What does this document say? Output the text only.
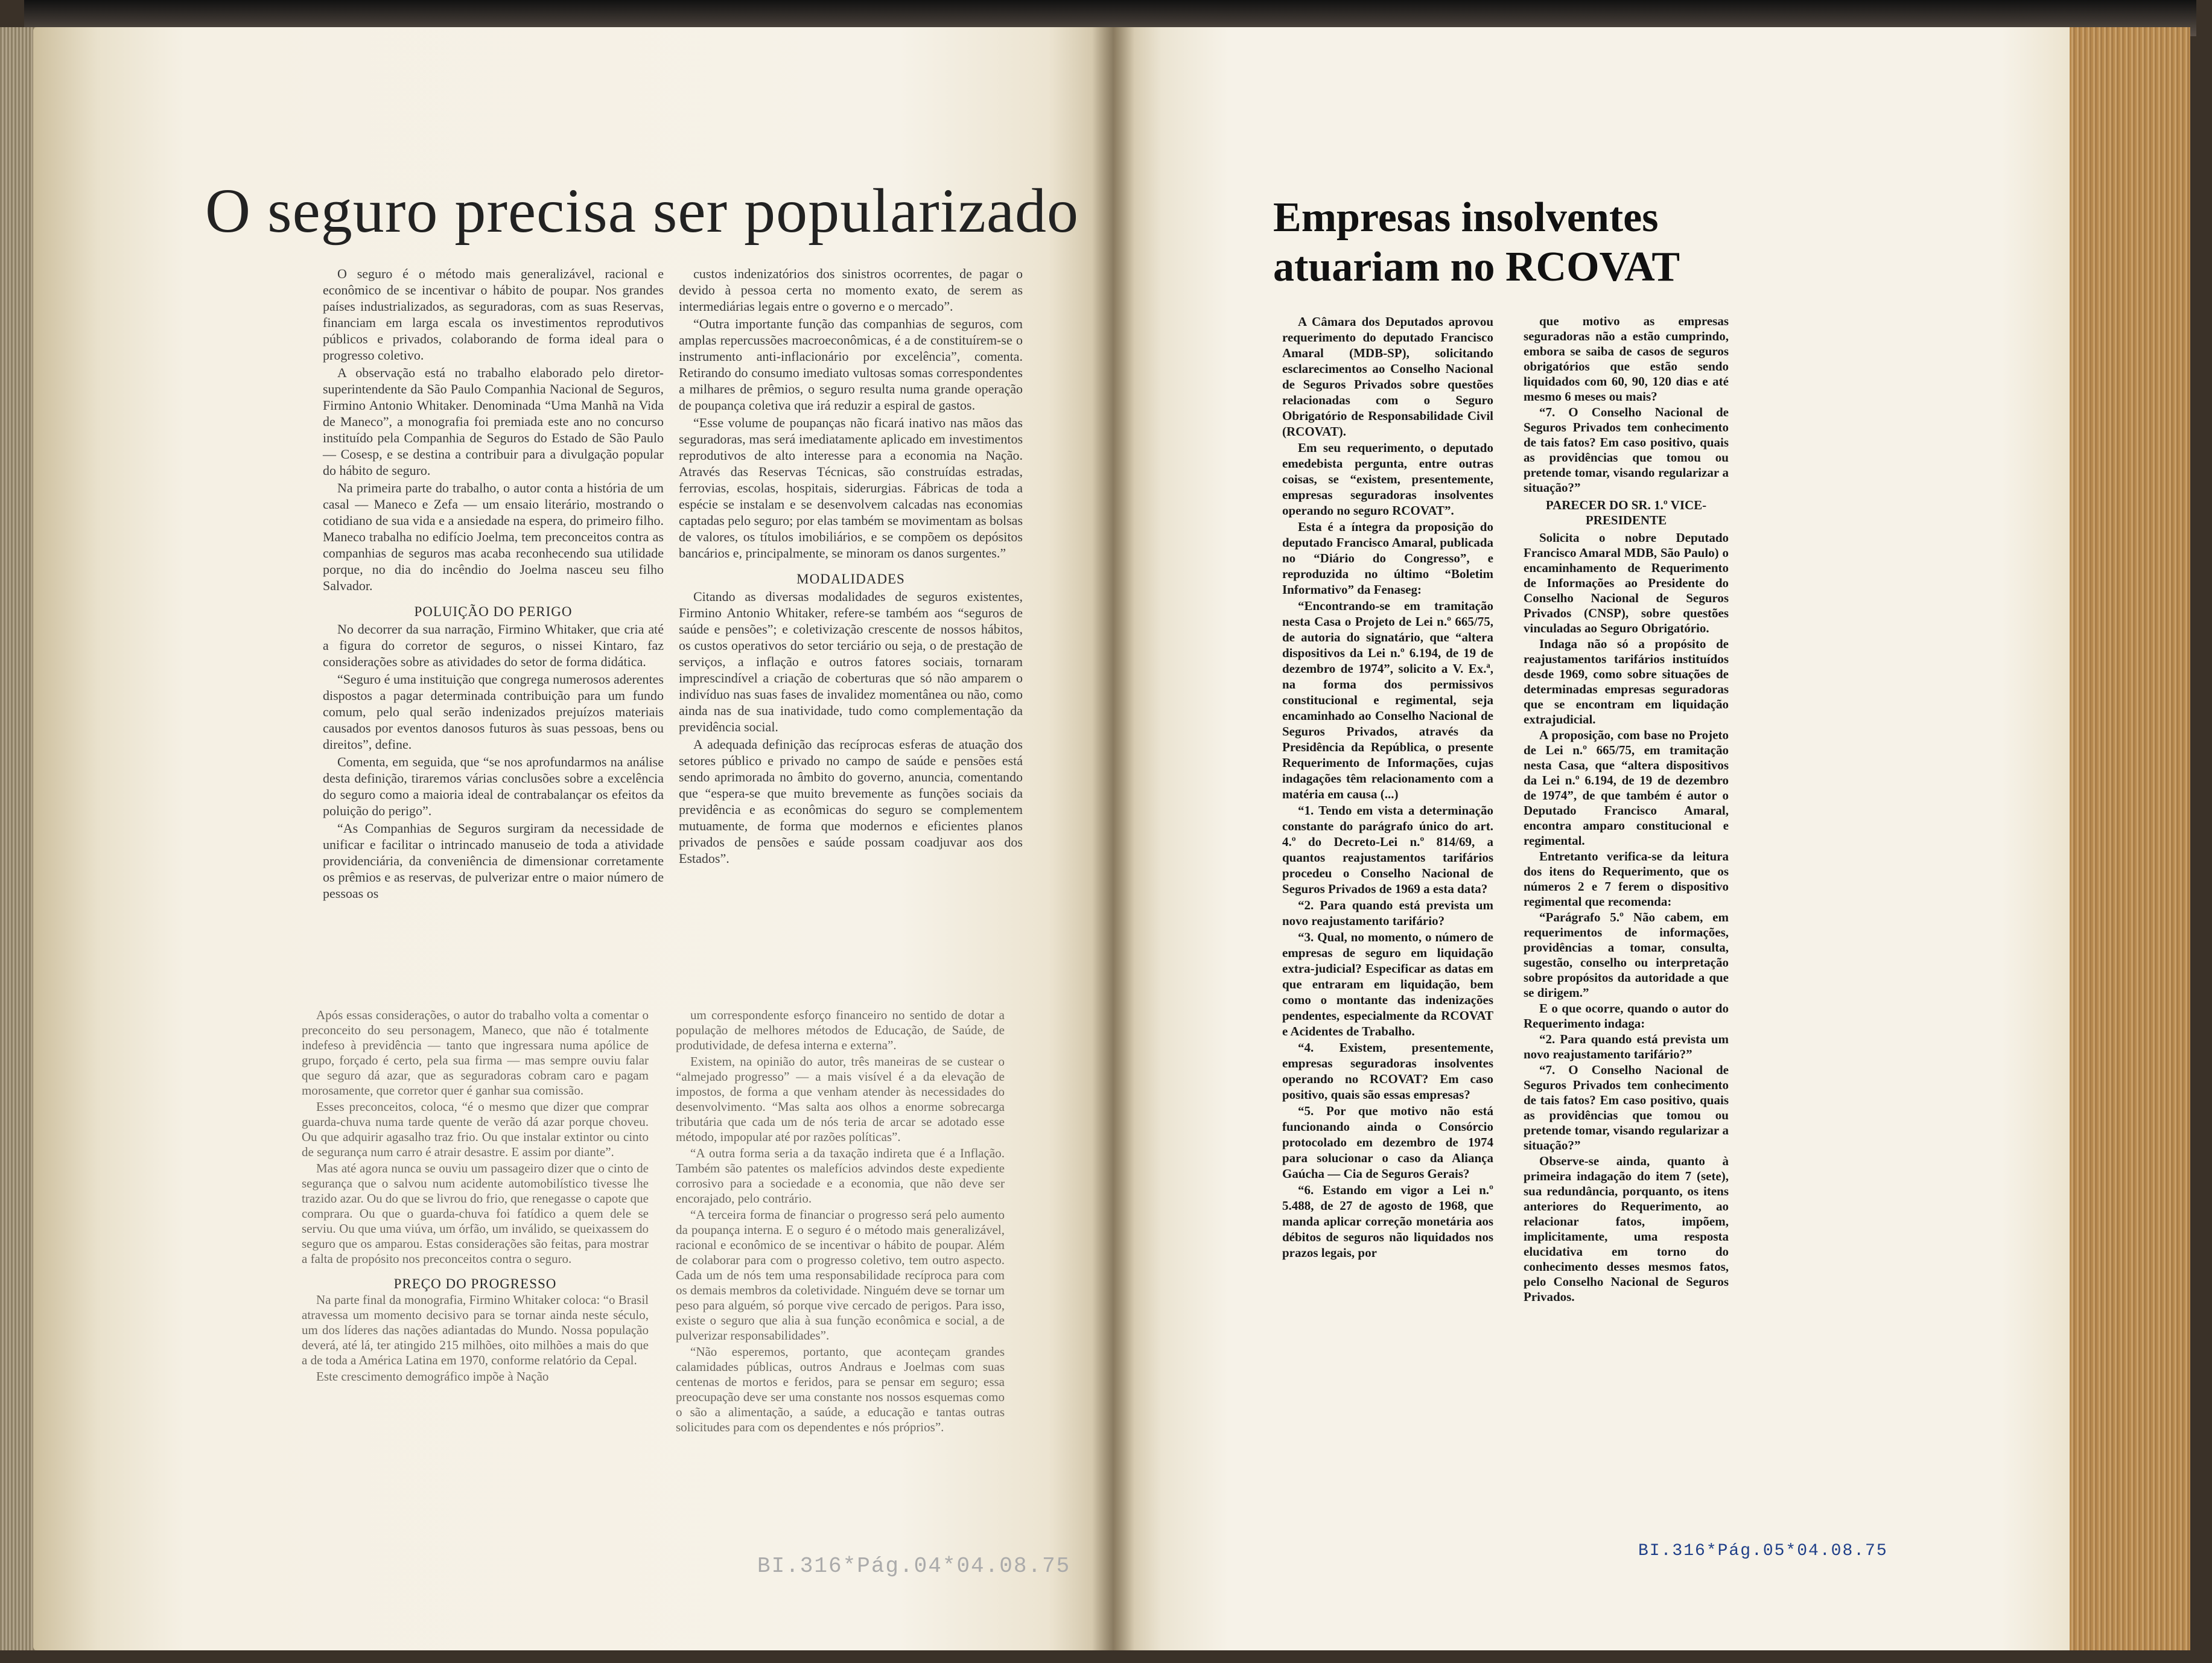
O seguro precisa ser popularizado

O seguro é o método mais generalizável, racional e econômico de se incentivar o hábito de poupar. Nos grandes países industrializados, as seguradoras, com as suas Reservas, financiam em larga escala os investimentos reprodutivos públicos e privados, colaborando de forma ideal para o progresso coletivo.

A observação está no trabalho elaborado pelo diretor-superintendente da São Paulo Companhia Nacional de Seguros, Firmino Antonio Whitaker. Denominada “Uma Manhã na Vida de Maneco”, a monografia foi premiada este ano no concurso instituído pela Companhia de Seguros do Estado de São Paulo — Cosesp, e se destina a contribuir para a divulgação popular do hábito de seguro.

Na primeira parte do trabalho, o autor conta a história de um casal — Maneco e Zefa — um ensaio literário, mostrando o cotidiano de sua vida e a ansiedade na espera, do primeiro filho. Maneco trabalha no edifício Joelma, tem preconceitos contra as companhias de seguros mas acaba reconhecendo sua utilidade porque, no dia do incêndio do Joelma nasceu seu filho Salvador.

POLUIÇÃO DO PERIGO

No decorrer da sua narração, Firmino Whitaker, que cria até a figura do corretor de seguros, o nissei Kintaro, faz considerações sobre as atividades do setor de forma didática.

“Seguro é uma instituição que congrega numerosos aderentes dispostos a pagar determinada contribuição para um fundo comum, pelo qual serão indenizados prejuízos materiais causados por eventos danosos futuros às suas pessoas, bens ou direitos”, define.

Comenta, em seguida, que “se nos aprofundarmos na análise desta definição, tiraremos várias conclusões sobre a excelência do seguro como a maioria ideal de contrabalançar os efeitos da poluição do perigo”.

“As Companhias de Seguros surgiram da necessidade de unificar e facilitar o intrincado manuseio de toda a atividade providenciária, da conveniência de dimensionar corretamente os prêmios e as reservas, de pulverizar entre o maior número de pessoas os

custos indenizatórios dos sinistros ocorrentes, de pagar o devido à pessoa certa no momento exato, de serem as intermediárias legais entre o governo e o mercado”.

“Outra importante função das companhias de seguros, com amplas repercussões macroeconômicas, é a de constituírem-se o instrumento anti-inflacionário por excelência”, comenta. Retirando do consumo imediato vultosas somas correspondentes a milhares de prêmios, o seguro resulta numa grande operação de poupança coletiva que irá reduzir a espiral de gastos.

“Esse volume de poupanças não ficará inativo nas mãos das seguradoras, mas será imediatamente aplicado em investimentos reprodutivos de alto interesse para a economia na Nação. Através das Reservas Técnicas, são construídas estradas, ferrovias, escolas, hospitais, siderurgias. Fábricas de toda a espécie se instalam e se desenvolvem calcadas nas economias captadas pelo seguro; por elas também se movimentam as bolsas de valores, os títulos imobiliários, e se compõem os depósitos bancários e, principalmente, se minoram os danos surgentes.”

MODALIDADES

Citando as diversas modalidades de seguros existentes, Firmino Antonio Whitaker, refere-se também aos “seguros de saúde e pensões”; e coletivização crescente de nossos hábitos, os custos operativos do setor terciário ou seja, o de prestação de serviços, a inflação e outros fatores sociais, tornaram imprescindível a criação de coberturas que só não amparem o indivíduo nas suas fases de invalidez momentânea ou não, como ainda nas de sua inatividade, tudo como complementação da previdência social.

A adequada definição das recíprocas esferas de atuação dos setores público e privado no campo de saúde e pensões está sendo aprimorada no âmbito do governo, anuncia, comentando que “espera-se que muito brevemente as funções sociais da previdência e as econômicas do seguro se complementem mutuamente, de forma que modernos e eficientes planos privados de pensões e saúde possam coadjuvar aos dos Estados”.

Após essas considerações, o autor do trabalho volta a comentar o preconceito do seu personagem, Maneco, que não é totalmente indefeso à previdência — tanto que ingressara numa apólice de grupo, forçado é certo, pela sua firma — mas sempre ouviu falar que seguro dá azar, que as seguradoras cobram caro e pagam morosamente, que corretor quer é ganhar sua comissão.

Esses preconceitos, coloca, “é o mesmo que dizer que comprar guarda-chuva numa tarde quente de verão dá azar porque choveu. Ou que adquirir agasalho traz frio. Ou que instalar extintor ou cinto de segurança num carro é atrair desastre. E assim por diante”.

Mas até agora nunca se ouviu um passageiro dizer que o cinto de segurança que o salvou num acidente automobilístico tivesse lhe trazido azar. Ou do que se livrou do frio, que renegasse o capote que comprara. Ou que o guarda-chuva foi fatídico a quem dele se serviu. Ou que uma viúva, um órfão, um inválido, se queixassem do seguro que os amparou. Estas considerações são feitas, para mostrar a falta de propósito nos preconceitos contra o seguro.

PREÇO DO PROGRESSO

Na parte final da monografia, Firmino Whitaker coloca: “o Brasil atravessa um momento decisivo para se tornar ainda neste século, um dos líderes das nações adiantadas do Mundo. Nossa população deverá, até lá, ter atingido 215 milhões, oito milhões a mais do que a de toda a América Latina em 1970, conforme relatório da Cepal.

Este crescimento demográfico impõe à Nação

um correspondente esforço financeiro no sentido de dotar a população de melhores métodos de Educação, de Saúde, de produtividade, de defesa interna e externa”.

Existem, na opinião do autor, três maneiras de se custear o “almejado progresso” — a mais visível é a da elevação de impostos, de forma a que venham atender às necessidades do desenvolvimento. “Mas salta aos olhos a enorme sobrecarga tributária que cada um de nós teria de arcar se adotado esse método, impopular até por razões políticas”.

“A outra forma seria a da taxação indireta que é a Inflação. Também são patentes os malefícios advindos deste expediente corrosivo para a sociedade e a economia, que não deve ser encorajado, pelo contrário.

“A terceira forma de financiar o progresso será pelo aumento da poupança interna. E o seguro é o método mais generalizável, racional e econômico de se incentivar o hábito de poupar. Além de colaborar para com o progresso coletivo, tem outro aspecto. Cada um de nós tem uma responsabilidade recíproca para com os demais membros da coletividade. Ninguém deve se tornar um peso para alguém, só porque vive cercado de perigos. Para isso, existe o seguro que alia à sua função econômica e social, a de pulverizar responsabilidades”.

“Não esperemos, portanto, que aconteçam grandes calamidades públicas, outros Andraus e Joelmas com suas centenas de mortos e feridos, para se pensar em seguro; essa preocupação deve ser uma constante nos nossos esquemas como o são a alimentação, a saúde, a educação e tantas outras solicitudes para com os dependentes e nós próprios”.

BI.316*Pág.04*04.08.75
Empresas insolventes
atuariam no RCOVAT

A Câmara dos Deputados aprovou requerimento do deputado Francisco Amaral (MDB-SP), solicitando esclarecimentos ao Conselho Nacional de Seguros Privados sobre questões relacionadas com o Seguro Obrigatório de Responsabilidade Civil (RCOVAT).

Em seu requerimento, o deputado emedebista pergunta, entre outras coisas, se “existem, presentemente, empresas seguradoras insolventes operando no seguro RCOVAT”.

Esta é a íntegra da proposição do deputado Francisco Amaral, publicada no “Diário do Congresso”, e reproduzida no último “Boletim Informativo” da Fenaseg:

“Encontrando-se em tramitação nesta Casa o Projeto de Lei n.º 665/75, de autoria do signatário, que “altera dispositivos da Lei n.º 6.194, de 19 de dezembro de 1974”, solicito a V. Ex.ª, na forma dos permissivos constitucional e regimental, seja encaminhado ao Conselho Nacional de Seguros Privados, através da Presidência da República, o presente Requerimento de Informações, cujas indagações têm relacionamento com a matéria em causa (...)

“1. Tendo em vista a determinação constante do parágrafo único do art. 4.º do Decreto-Lei n.º 814/69, a quantos reajustamentos tarifários procedeu o Conselho Nacional de Seguros Privados de 1969 a esta data?

“2. Para quando está prevista um novo reajustamento tarifário?

“3. Qual, no momento, o número de empresas de seguro em liquidação extra-judicial? Especificar as datas em que entraram em liquidação, bem como o montante das indenizações pendentes, especialmente da RCOVAT e Acidentes de Trabalho.

“4. Existem, presentemente, empresas seguradoras insolventes operando no RCOVAT? Em caso positivo, quais são essas empresas?

“5. Por que motivo não está funcionando ainda o Consórcio protocolado em dezembro de 1974 para solucionar o caso da Aliança Gaúcha — Cia de Seguros Gerais?

“6. Estando em vigor a Lei n.º 5.488, de 27 de agosto de 1968, que manda aplicar correção monetária aos débitos de seguros não liquidados nos prazos legais, por

que motivo as empresas seguradoras não a estão cumprindo, embora se saiba de casos de seguros obrigatórios que estão sendo liquidados com 60, 90, 120 dias e até mesmo 6 meses ou mais?

“7. O Conselho Nacional de Seguros Privados tem conhecimento de tais fatos? Em caso positivo, quais as providências que tomou ou pretende tomar, visando regularizar a situação?”

PARECER DO SR. 1.º VICE-PRESIDENTE

Solicita o nobre Deputado Francisco Amaral MDB, São Paulo) o encaminhamento de Requerimento de Informações ao Presidente do Conselho Nacional de Seguros Privados (CNSP), sobre questões vinculadas ao Seguro Obrigatório.

Indaga não só a propósito de reajustamentos tarifários instituídos desde 1969, como sobre situações de determinadas empresas seguradoras que se encontram em liquidação extrajudicial.

A proposição, com base no Projeto de Lei n.º 665/75, em tramitação nesta Casa, que “altera dispositivos da Lei n.º 6.194, de 19 de dezembro de 1974”, de que também é autor o Deputado Francisco Amaral, encontra amparo constitucional e regimental.

Entretanto verifica-se da leitura dos itens do Requerimento, que os números 2 e 7 ferem o dispositivo regimental que recomenda:

“Parágrafo 5.º Não cabem, em requerimentos de informações, providências a tomar, consulta, sugestão, conselho ou interpretação sobre propósitos da autoridade a que se dirigem.”

E o que ocorre, quando o autor do Requerimento indaga:

“2. Para quando está prevista um novo reajustamento tarifário?”

“7. O Conselho Nacional de Seguros Privados tem conhecimento de tais fatos? Em caso positivo, quais as providências que tomou ou pretende tomar, visando regularizar a situação?”

Observe-se ainda, quanto à primeira indagação do item 7 (sete), sua redundância, porquanto, os itens anteriores do Requerimento, ao relacionar fatos, impõem, implicitamente, uma resposta elucidativa em torno do conhecimento desses mesmos fatos, pelo Conselho Nacional de Seguros Privados.

BI.316*Pág.05*04.08.75
